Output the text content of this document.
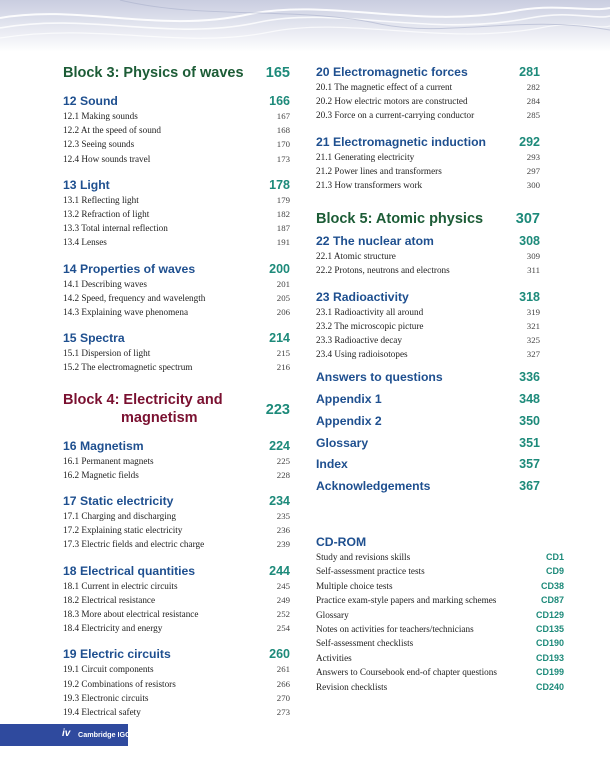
Block 3: Physics of waves 165
12 Sound	166
12.1 Making sounds	167
12.2 At the speed of sound	168
12.3 Seeing sounds	170
12.4 How sounds travel	173
13 Light	178
13.1 Reflecting light	179
13.2 Refraction of light	182
13.3 Total internal reflection	187
13.4 Lenses	191
14 Properties of waves	200
14.1 Describing waves	201
14.2 Speed, frequency and wavelength	205
14.3 Explaining wave phenomena	206
15 Spectra	214
15.1 Dispersion of light	215
15.2 The electromagnetic spectrum	216
Block 4: Electricity and
magnetism	223
16 Magnetism	224
16.1 Permanent magnets	225
16.2 Magnetic fields	228
17 Static electricity	234
17.1 Charging and discharging	235
17.2 Explaining static electricity	236
17.3 Electric fields and electric charge	239
18 Electrical quantities	244
18.1 Current in electric circuits	245
18.2 Electrical resistance	249
18.3 More about electrical resistance	252
18.4 Electricity and energy	254
19 Electric circuits	260
19.1 Circuit components	261
19.2 Combinations of resistors	266
19.3 Electronic circuits	270
19.4 Electrical safety	273
20 Electromagnetic forces	281
20.1 The magnetic effect of a current	282
20.2 How electric motors are constructed	284
20.3 Force on a current-carrying conductor	285
21 Electromagnetic induction	292
21.1 Generating electricity	293
21.2 Power lines and transformers	297
21.3 How transformers work	300
Block 5: Atomic physics 307
22 The nuclear atom	308
22.1 Atomic structure	309
22.2 Protons, neutrons and electrons	311
23 Radioactivity	318
23.1 Radioactivity all around	319
23.2 The microscopic picture	321
23.3 Radioactive decay	325
23.4 Using radioisotopes	327
Answers to questions	336
Appendix 1	348
Appendix 2	350
Glossary	351
Index	357
Acknowledgements	367
CD-ROM
Study and revisions skills	CD1
Self-assessment practice tests	CD9
Multiple choice tests	CD38
Practice exam-style papers and marking schemes	CD87
Glossary	CD129
Notes on activities for teachers/technicians	CD135
Self-assessment checklists	CD190
Activities	CD193
Answers to Coursebook end-of chapter questions	CD199
Revision checklists	CD240
iv Cambridge IGCSE Physics
